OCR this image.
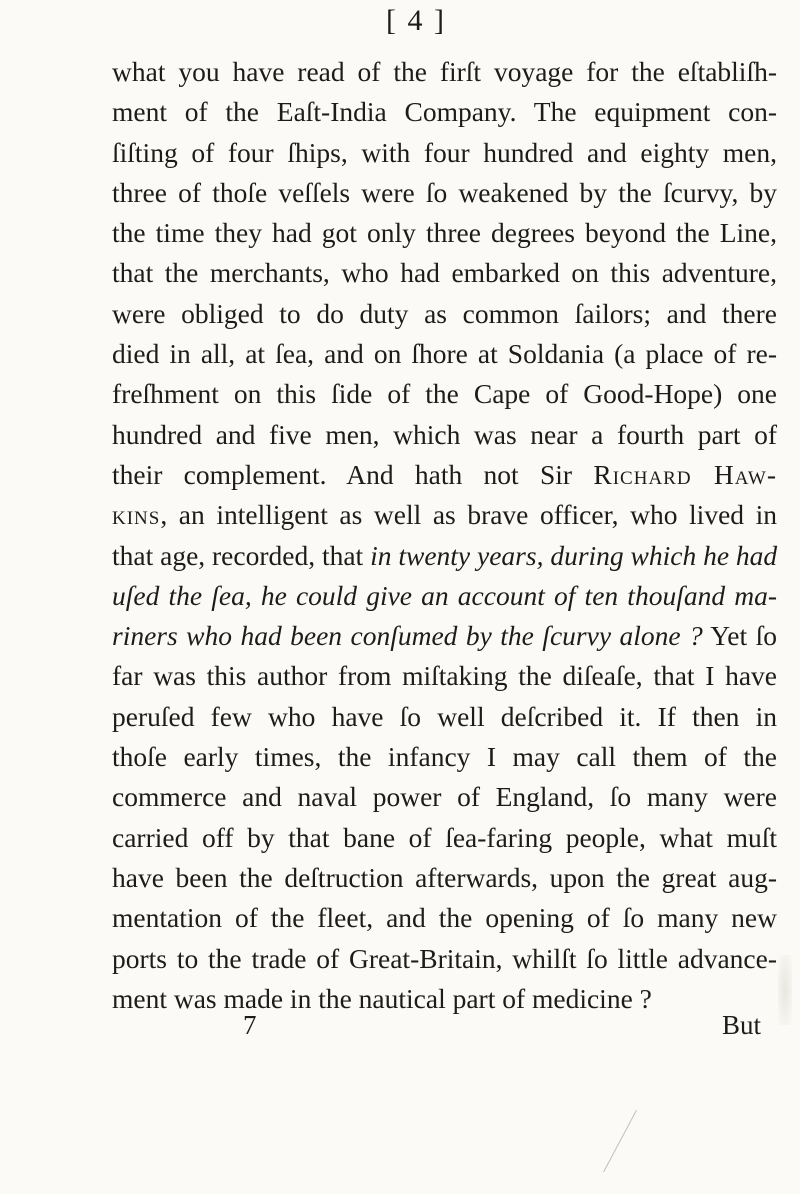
[ 4 ]
what you have read of the firſt voyage for the eſtabliſh-
ment of the Eaſt-India Company. The equipment con-
ſiſting of four ſhips, with four hundred and eighty men,
three of thoſe veſſels were ſo weakened by the ſcurvy, by
the time they had got only three degrees beyond the Line,
that the merchants, who had embarked on this adventure,
were obliged to do duty as common ſailors; and there
died in all, at ſea, and on ſhore at Soldania (a place of re-
freſhment on this ſide of the Cape of Good-Hope) one
hundred and five men, which was near a fourth part of
their complement. And hath not Sir Richard Haw-
kins, an intelligent as well as brave officer, who lived in
that age, recorded, that in twenty years, during which he had
uſed the ſea, he could give an account of ten thouſand ma-
riners who had been conſumed by the ſcurvy alone ? Yet ſo
far was this author from miſtaking the diſeaſe, that I have
peruſed few who have ſo well deſcribed it. If then in
thoſe early times, the infancy I may call them of the
commerce and naval power of England, ſo many were
carried off by that bane of ſea-faring people, what muſt
have been the deſtruction afterwards, upon the great aug-
mentation of the fleet, and the opening of ſo many new
ports to the trade of Great-Britain, whilſt ſo little advance-
ment was made in the nautical part of medicine ?
7	But
